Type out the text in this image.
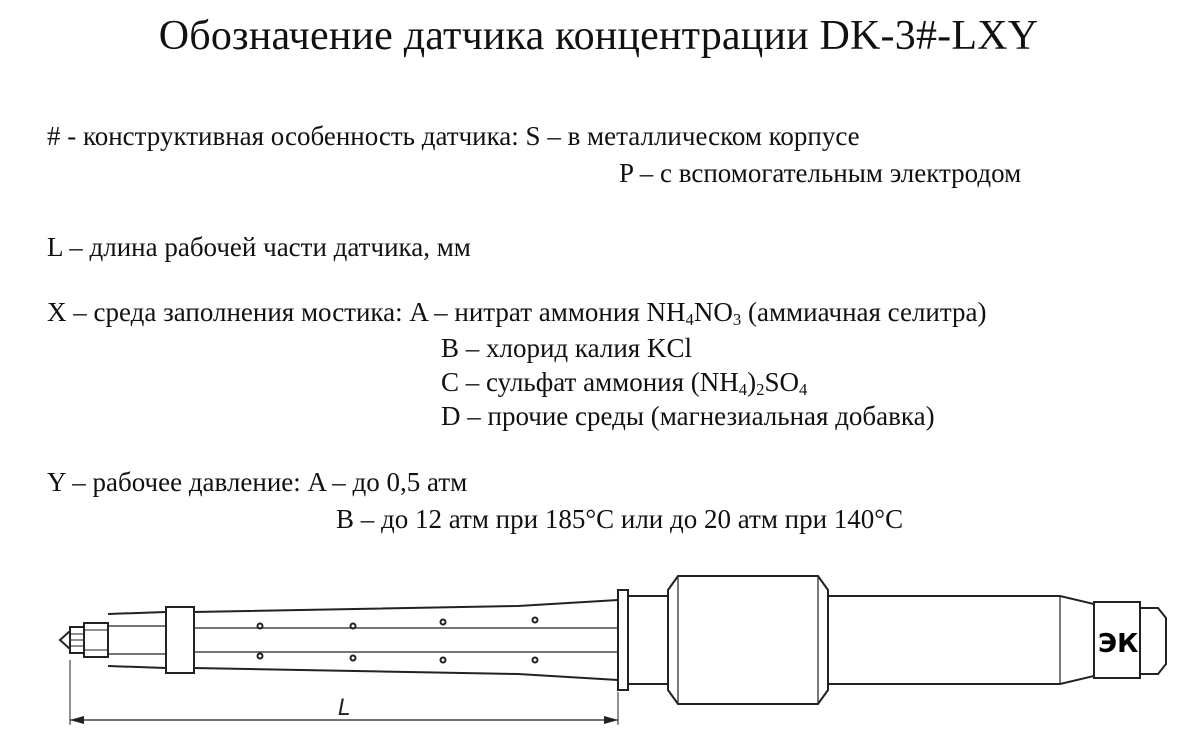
Обозначение датчика концентрации DK-3#-LXY
# - конструктивная особенность датчика: S – в металлическом корпусе
P – с вспомогательным электродом
L – длина рабочей части датчика, мм
X – среда заполнения мостика: A – нитрат аммония $NH_4NO_3$ (аммиачная селитра)
B – хлорид калия KCl
C – сульфат аммония $(NH_4)_2SO_4$
D – прочие среды (магнезиальная добавка)
Y – рабочее давление: A – до 0,5 атм
B – до 12 атм при 185°С или до 20 атм при 140°С
L
ЭК
